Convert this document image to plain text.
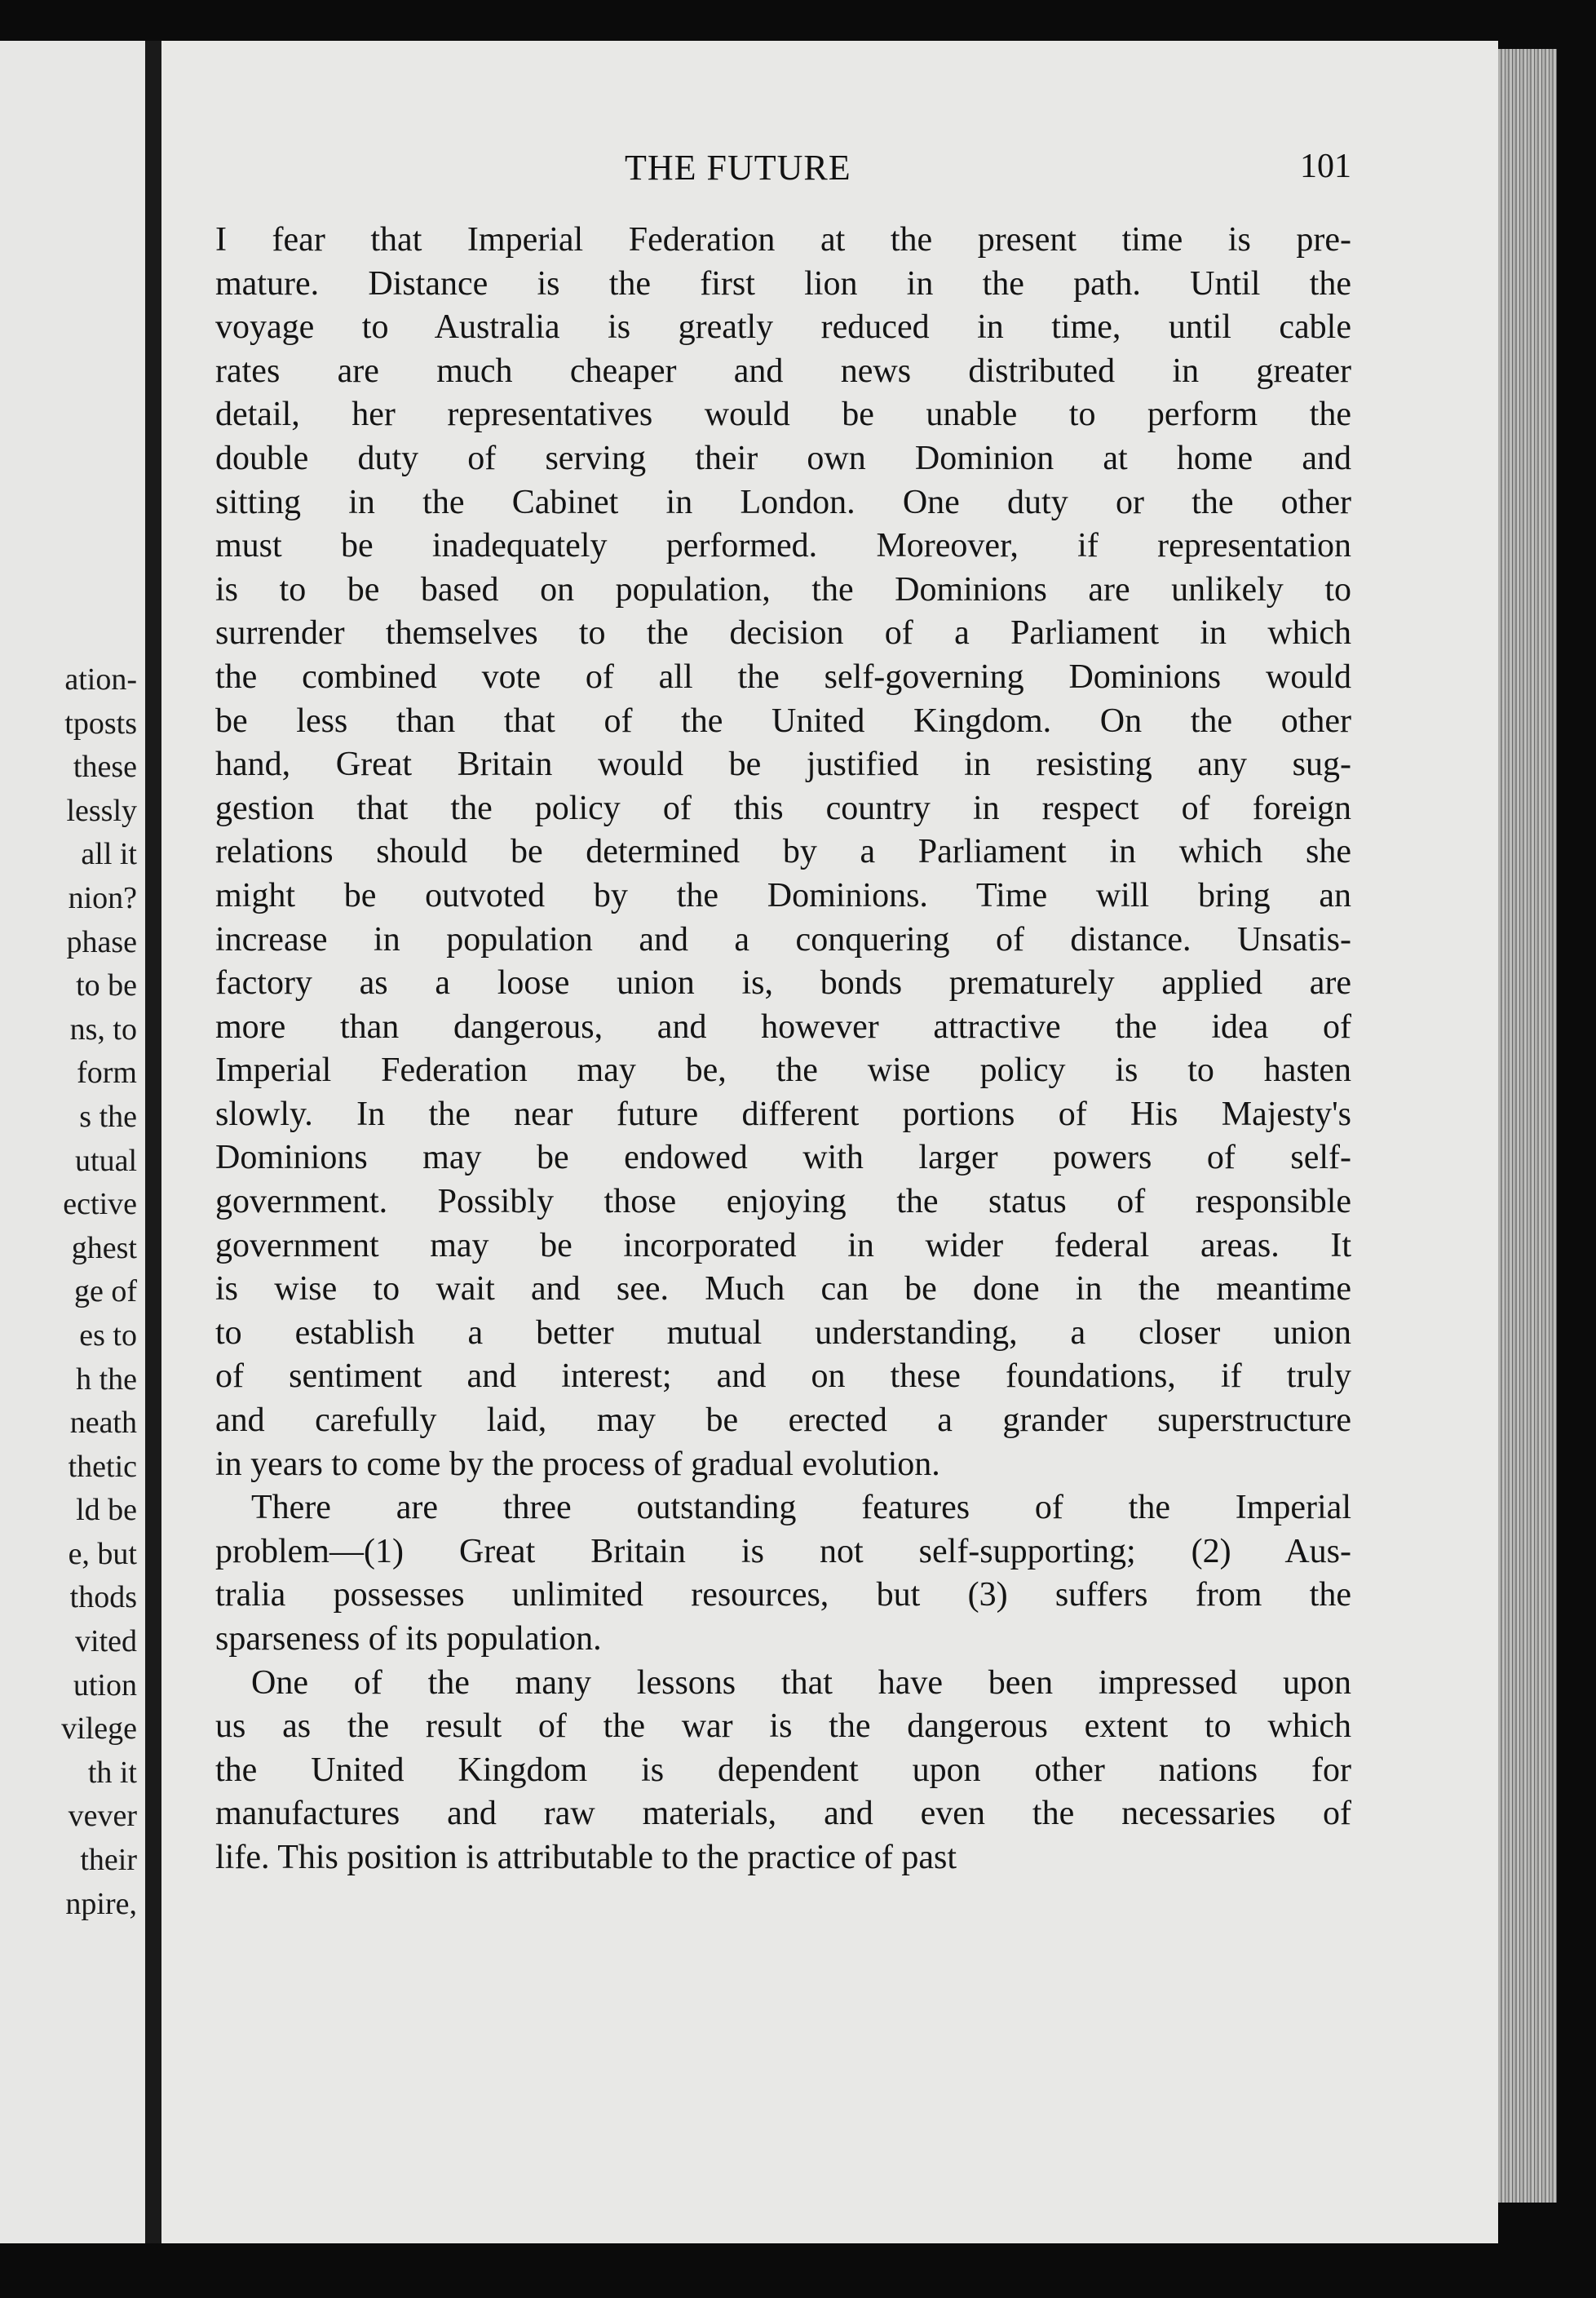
ation-
tposts
these
lessly
all it
nion?
phase
to be
ns, to
form
s the
utual
ective
ghest
ge of
es to
h the
neath
thetic
ld be
e, but
thods
vited
ution
vilege
th it
vever
their
npire,
THE FUTURE	101

I fear that Imperial Federation at the present time is pre-
mature. Distance is the first lion in the path. Until the
voyage to Australia is greatly reduced in time, until cable
rates are much cheaper and news distributed in greater
detail, her representatives would be unable to perform the
double duty of serving their own Dominion at home and
sitting in the Cabinet in London. One duty or the other
must be inadequately performed. Moreover, if representation
is to be based on population, the Dominions are unlikely to
surrender themselves to the decision of a Parliament in which
the combined vote of all the self-governing Dominions would
be less than that of the United Kingdom. On the other
hand, Great Britain would be justified in resisting any sug-
gestion that the policy of this country in respect of foreign
relations should be determined by a Parliament in which she
might be outvoted by the Dominions. Time will bring an
increase in population and a conquering of distance. Unsatis-
factory as a loose union is, bonds prematurely applied are
more than dangerous, and however attractive the idea of
Imperial Federation may be, the wise policy is to hasten
slowly. In the near future different portions of His Majesty's
Dominions may be endowed with larger powers of self-
government. Possibly those enjoying the status of responsible
government may be incorporated in wider federal areas. It
is wise to wait and see. Much can be done in the meantime
to establish a better mutual understanding, a closer union
of sentiment and interest; and on these foundations, if truly
and carefully laid, may be erected a grander superstructure
in years to come by the process of gradual evolution.

There are three outstanding features of the Imperial
problem—(1) Great Britain is not self-supporting; (2) Aus-
tralia possesses unlimited resources, but (3) suffers from the
sparseness of its population.

One of the many lessons that have been impressed upon
us as the result of the war is the dangerous extent to which
the United Kingdom is dependent upon other nations for
manufactures and raw materials, and even the necessaries of
life. This position is attributable to the practice of past
